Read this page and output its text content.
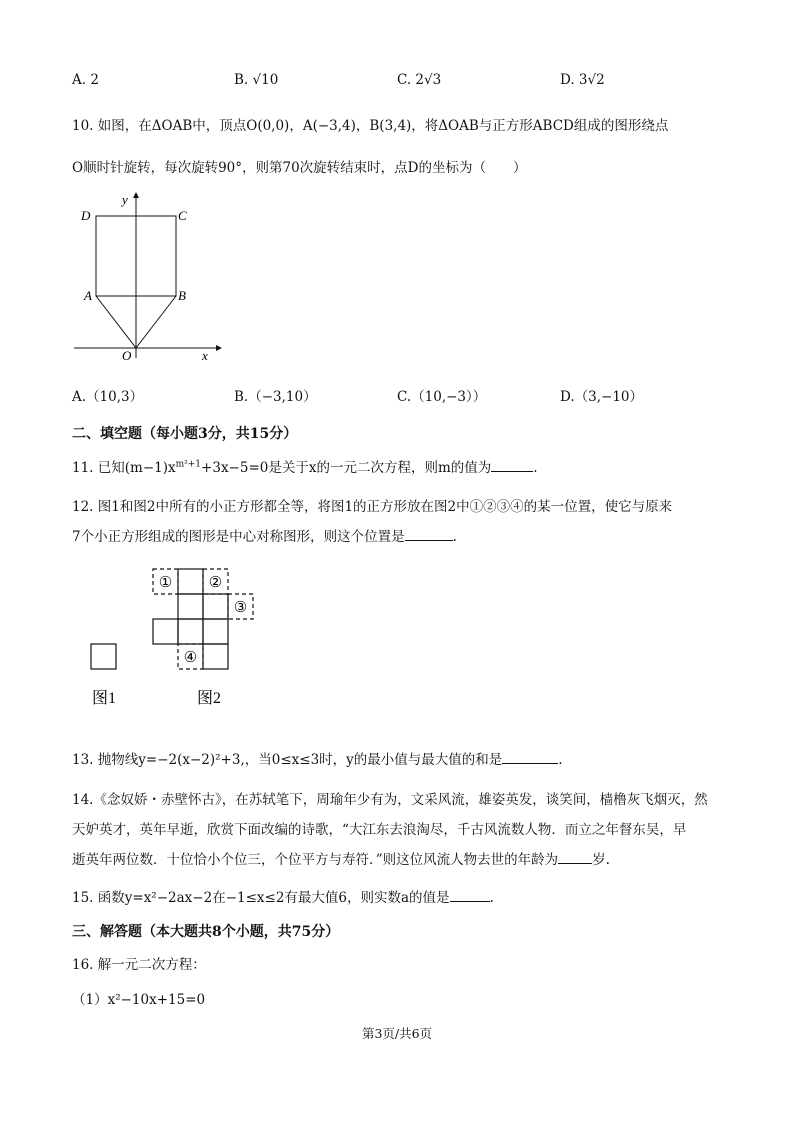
A. 2	B. √10	C. 2√3	D. 3√2
10. 如图，在ΔOAB中，顶点O(0,0)，A(−3,4)，B(3,4)，将ΔOAB与正方形ABCD组成的图形绕点
O顺时针旋转，每次旋转90°，则第70次旋转结束时，点D的坐标为（　　）
D	C
A	B
O	x
y
A.（10,3）	B.（−3,10）	C.（10,−3））	D.（3,−10）
二、填空题（每小题3分，共15分）
11. 已知$(m-1)x^{m^2+1}+3x-5=0$是关于x的一元二次方程，则m的值为	.
12. 图1和图2中所有的小正方形都全等，将图1的正方形放在图2中①②③④的某一位置，使它与原来
7个小正方形组成的图形是中心对称图形，则这个位置是	.
① ②
③
④
图1	图2
13. 抛物线y=−2(x−2)²+3,，当0≤x≤3时，y的最小值与最大值的和是	.
14.《念奴娇・赤壁怀古》，在苏轼笔下，周瑜年少有为，文采风流，雄姿英发，谈笑间，樯橹灰飞烟灭，然
天妒英才，英年早逝，欣赏下面改编的诗歌，“大江东去浪淘尽，千古风流数人物．而立之年督东吴，早
逝英年两位数．十位恰小个位三，个位平方与寿符．”则这位风流人物去世的年龄为	岁.
15. 函数y=x²−2ax−2在−1≤x≤2有最大值6，则实数a的值是	.
三、解答题（本大题共8个小题，共75分）
16. 解一元二次方程：
（1）x²−10x+15=0
第3页/共6页
